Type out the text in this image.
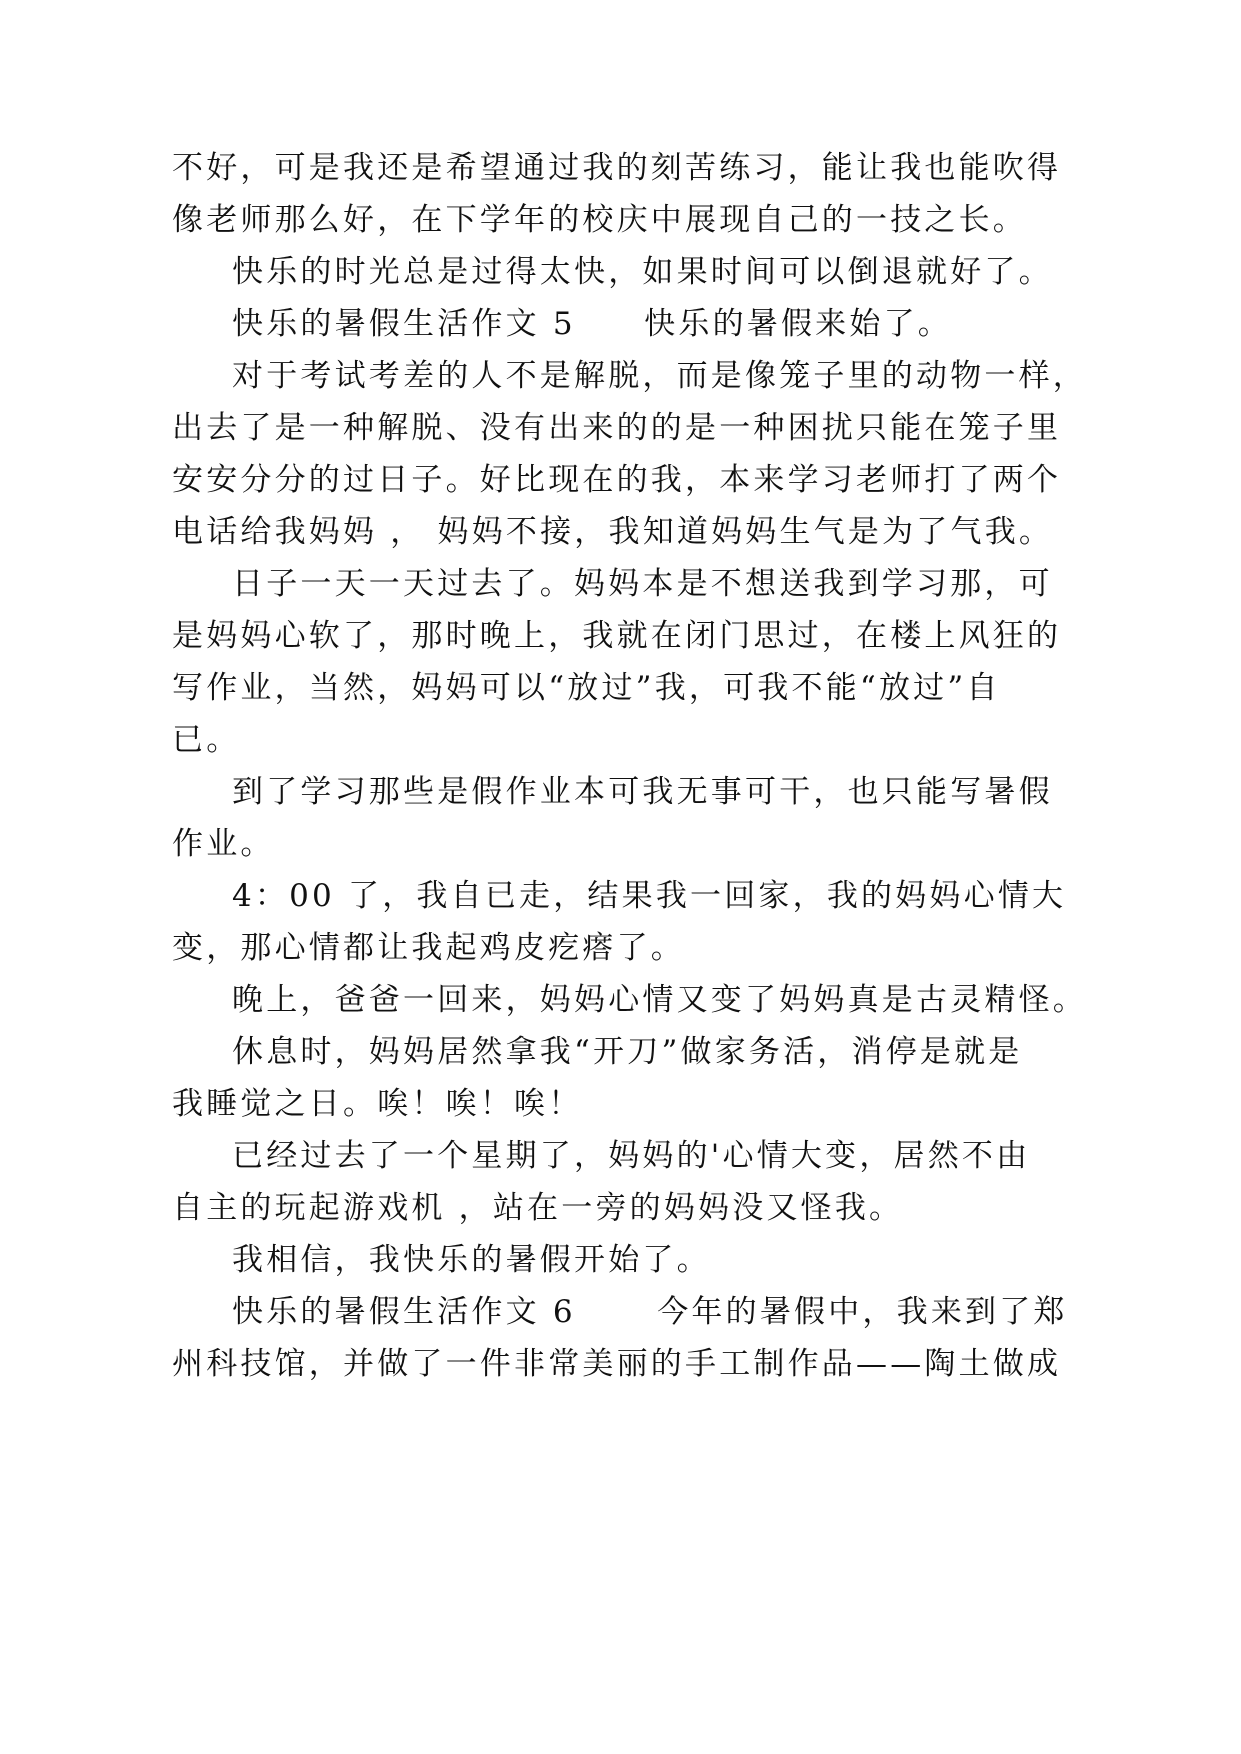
不好，可是我还是希望通过我的刻苦练习，能让我也能吹得
像老师那么好，在下学年的校庆中展现自己的一技之长。
快乐的时光总是过得太快，如果时间可以倒退就好了。
快乐的暑假生活作文 5　　快乐的暑假来始了。
对于考试考差的人不是解脱，而是像笼子里的动物一样，
出去了是一种解脱、没有出来的的是一种困扰只能在笼子里
安安分分的过日子。好比现在的我，本来学习老师打了两个
电话给我妈妈 ， 妈妈不接，我知道妈妈生气是为了气我。
日子一天一天过去了。妈妈本是不想送我到学习那，可
是妈妈心软了，那时晚上，我就在闭门思过，在楼上风狂的
写作业，当然，妈妈可以“放过”我，可我不能“放过”自
已。
到了学习那些是假作业本可我无事可干，也只能写暑假
作业。
4：00 了，我自已走，结果我一回家，我的妈妈心情大
变，那心情都让我起鸡皮疙瘩了。
晚上，爸爸一回来，妈妈心情又变了妈妈真是古灵精怪。
休息时，妈妈居然拿我“开刀”做家务活，消停是就是
我睡觉之日。唉！唉！唉！
已经过去了一个星期了，妈妈的'心情大变，居然不由
自主的玩起游戏机 ，站在一旁的妈妈没又怪我。
我相信，我快乐的暑假开始了。
快乐的暑假生活作文 6　　 今年的暑假中，我来到了郑
州科技馆，并做了一件非常美丽的手工制作品——陶土做成
